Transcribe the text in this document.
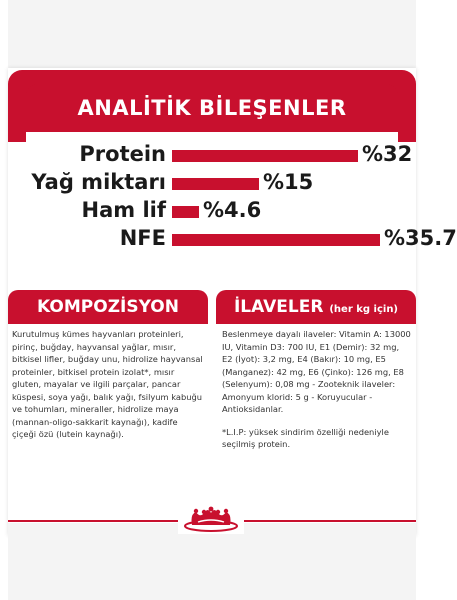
ANALİTİK BİLEŞENLER
Protein	%32
Yağ miktarı	%15
Ham lif %4.6
NFE	%35.7
KOMPOZİSYON	İLAVELER (her kg için)
Kurutulmuş kümes hayvanları proteinleri, pirinç, buğday, hayvansal yağlar, mısır, bitkisel lifler, buğday unu, hidrolize hayvansal proteinler, bitkisel protein izolat*, mısır gluten, mayalar ve ilgili parçalar, pancar küspesi, soya yağı, balık yağı, fsilyum kabuğu ve tohumları, mineraller, hidrolize maya (mannan-oligo-sakkarit kaynağı), kadife çiçeği özü (lutein kaynağı).
Beslenmeye dayalı ilaveler: Vitamin A: 13000 IU, Vitamin D3: 700 IU, E1 (Demir): 32 mg, E2 (İyot): 3,2 mg, E4 (Bakır): 10 mg, E5 (Manganez): 42 mg, E6 (Çinko): 126 mg, E8 (Selenyum): 0,08 mg - Zooteknik ilaveler: Amonyum klorid: 5 g - Koruyucular - Antioksidanlar.
*L.I.P: yüksek sindirim özelliği nedeniyle seçilmiş protein.
